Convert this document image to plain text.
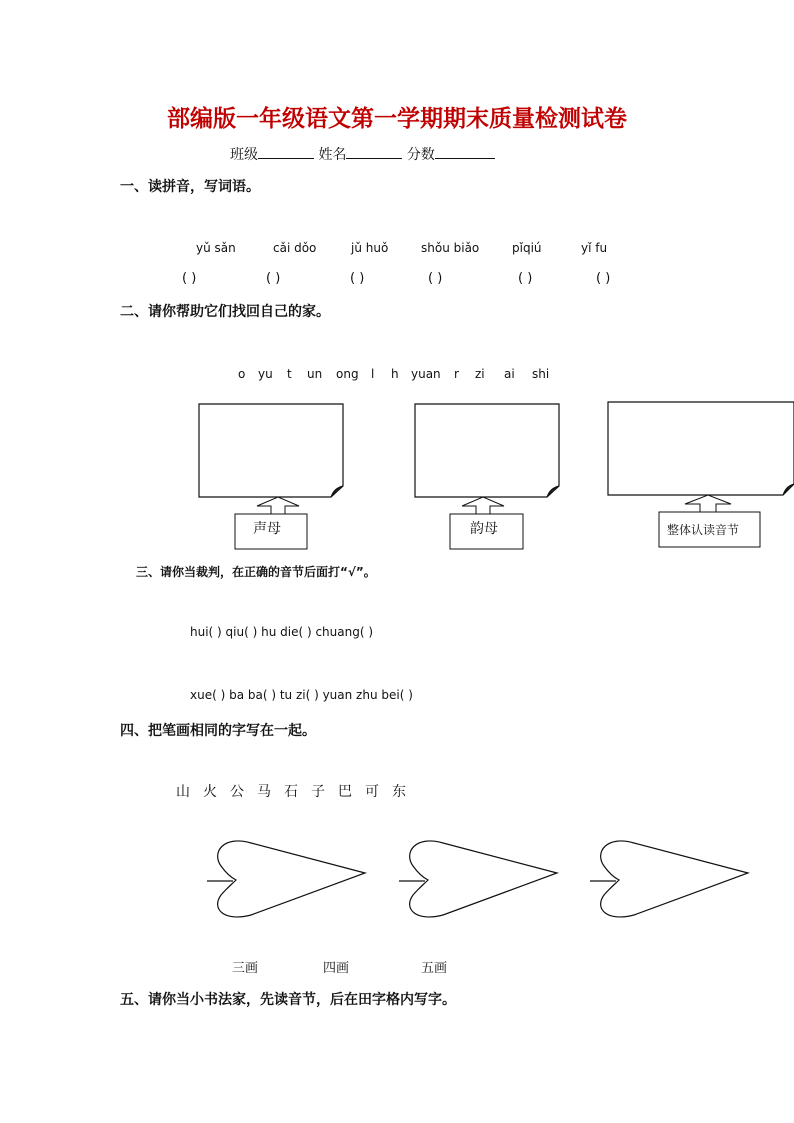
部编版一年级语文第一学期期末质量检测试卷
班级	姓名	分数
一、读拼音，写词语。
yǔ sǎn	cǎi dǒo	jǔ huǒ	shǒu biǎo	pǐqiú	yǐ fu
( )	( )	( )	( )	( )	( )
二、请你帮助它们找回自己的家。
o yu t un ong l h yuan r zi ai shi
声母	韵母	整体认读音节
三、请你当裁判，在正确的音节后面打“√”。
hui( ) qiu( ) hu die( ) chuang( )
xue( ) ba ba( ) tu zi( ) yuan zhu bei( )
四、把笔画相同的字写在一起。
山 火 公 马 石 子 巴 可 东
三画	四画	五画
五、请你当小书法家，先读音节，后在田字格内写字。
